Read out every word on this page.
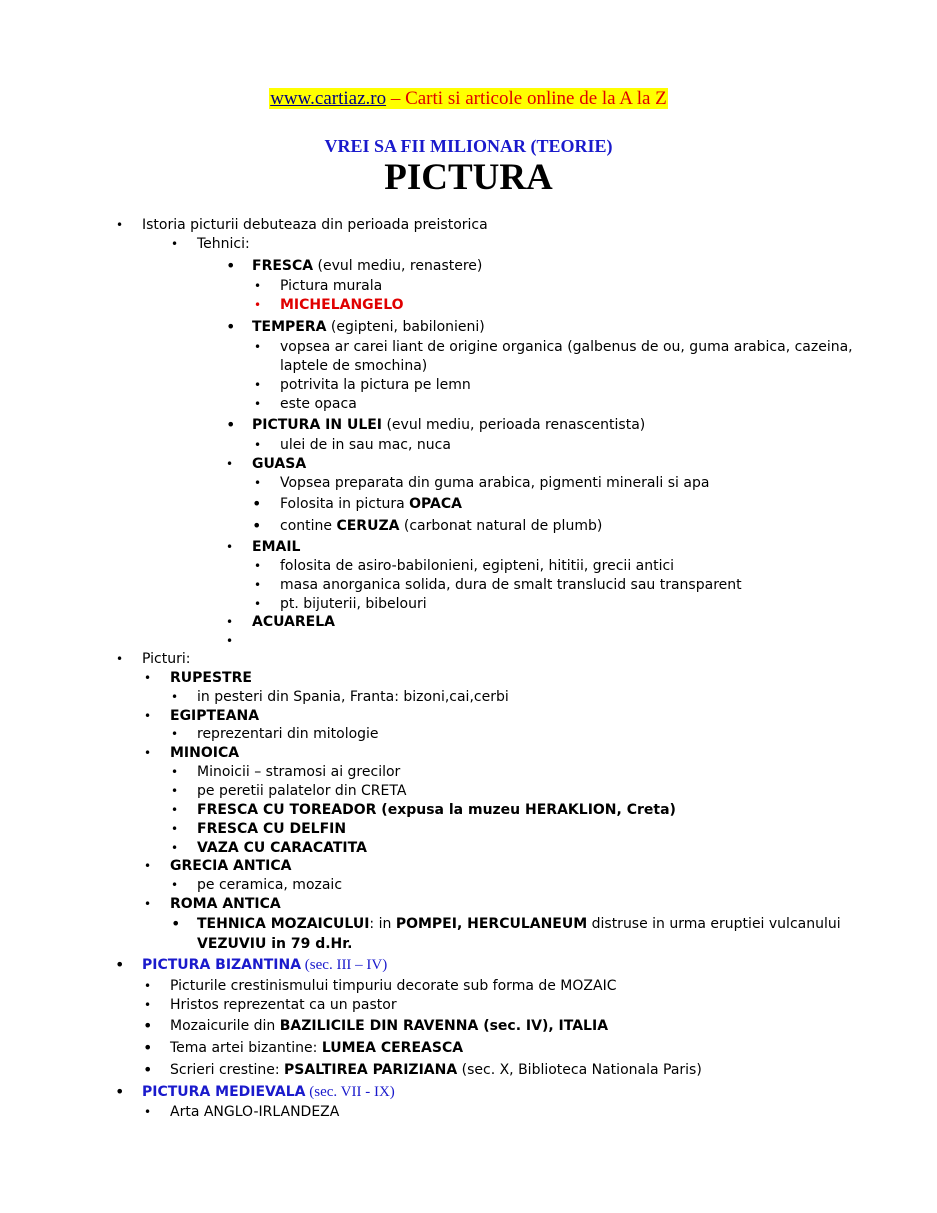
www.cartiaz.ro – Carti si articole online de la A la Z
VREI SA FII MILIONAR (TEORIE)
PICTURA
• Istoria picturii debuteaza din perioada preistorica
• Tehnici:
• FRESCA (evul mediu, renastere)
• Pictura murala
• MICHELANGELO
• TEMPERA (egipteni, babilonieni)
• vopsea ar carei liant de origine organica (galbenus de ou, guma arabica, cazeina,
laptele de smochina)
• potrivita la pictura pe lemn
• este opaca
• PICTURA IN ULEI (evul mediu, perioada renascentista)
• ulei de in sau mac, nuca
• GUASA
• Vopsea preparata din guma arabica, pigmenti minerali si apa
• Folosita in pictura OPACA
• contine CERUZA (carbonat natural de plumb)
• EMAIL
• folosita de asiro-babilonieni, egipteni, hititii, grecii antici
• masa anorganica solida, dura de smalt translucid sau transparent
• pt. bijuterii, bibelouri
• ACUARELA
•
• Picturi:
• RUPESTRE
• in pesteri din Spania, Franta: bizoni,cai,cerbi
• EGIPTEANA
• reprezentari din mitologie
• MINOICA
• Minoicii – stramosi ai grecilor
• pe peretii palatelor din CRETA
• FRESCA CU TOREADOR (expusa la muzeu HERAKLION, Creta)
• FRESCA CU DELFIN
• VAZA CU CARACATITA
• GRECIA ANTICA
• pe ceramica, mozaic
• ROMA ANTICA
• TEHNICA MOZAICULUI: in POMPEI, HERCULANEUM distruse in urma eruptiei vulcanului
VEZUVIU in 79 d.Hr.
• PICTURA BIZANTINA (sec. III – IV)
• Picturile crestinismului timpuriu decorate sub forma de MOZAIC
• Hristos reprezentat ca un pastor
• Mozaicurile din BAZILICILE DIN RAVENNA (sec. IV), ITALIA
• Tema artei bizantine: LUMEA CEREASCA
• Scrieri crestine: PSALTIREA PARIZIANA (sec. X, Biblioteca Nationala Paris)
• PICTURA MEDIEVALA (sec. VII - IX)
• Arta ANGLO-IRLANDEZA
